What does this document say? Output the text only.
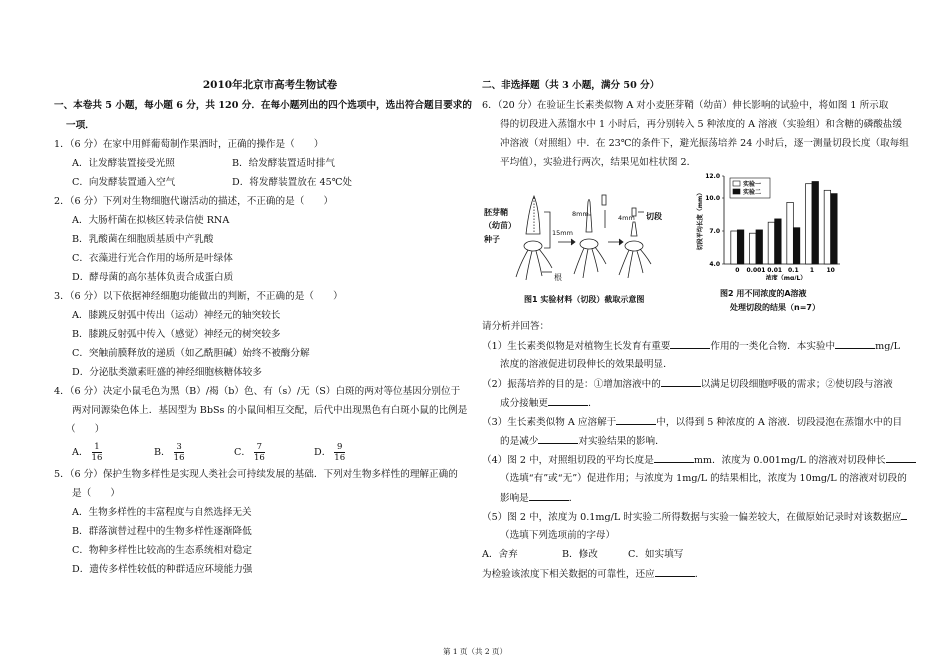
2010年北京市高考生物试卷
一、本卷共 5 小题，每小题 6 分，共 120 分．在每小题列出的四个选项中，选出符合题目要求的
一项．
1．（6 分）在家中用鲜葡萄制作果酒时，正确的操作是（　　）
A．让发酵装置接受光照	B．给发酵装置适时排气
C．向发酵装置通入空气	D．将发酵装置放在 45℃处
2．（6 分）下列对生物细胞代谢活动的描述，不正确的是（　　）
A．大肠杆菌在拟核区转录信使 RNA
B．乳酸菌在细胞质基质中产乳酸
C．衣藻进行光合作用的场所是叶绿体
D．酵母菌的高尔基体负责合成蛋白质
3．（6 分）以下依据神经细胞功能做出的判断，不正确的是（　　）
A．膝跳反射弧中传出（运动）神经元的轴突较长
B．膝跳反射弧中传入（感觉）神经元的树突较多
C．突触前膜释放的递质（如乙酰胆碱）始终不被酶分解
D．分泌肽类激素旺盛的神经细胞核糖体较多
4．（6 分）决定小鼠毛色为黑（B）/褐（b）色、有（s）/无（S）白斑的两对等位基因分别位于
两对同源染色体上．基因型为 BbSs 的小鼠间相互交配，后代中出现黑色有白斑小鼠的比例是
（　　）
A． $\frac{1}{16}$	B． $\frac{3}{16}$	C． $\frac{7}{16}$	D． $\frac{9}{16}$
5．（6 分）保护生物多样性是实现人类社会可持续发展的基础．下列对生物多样性的理解正确的
是（　　）
A．生物多样性的丰富程度与自然选择无关
B．群落演替过程中的生物多样性逐渐降低
C．物种多样性比较高的生态系统相对稳定
D．遗传多样性较低的种群适应环境能力强
二、非选择题（共 3 小题，满分 50 分）
6．（20 分）在验证生长素类似物 A 对小麦胚芽鞘（幼苗）伸长影响的试验中，将如图 1 所示取
得的切段进入蒸馏水中 1 小时后，再分别转入 5 种浓度的 A 溶液（实验组）和含糖的磷酸盐缓
冲溶液（对照组）中．在 23℃的条件下，避光振荡培养 24 小时后，逐一测量切段长度（取每组
平均值），实验进行两次，结果见如柱状图 2．
胚芽鞘
（幼苗）
种子
根
15mm
8mm	4mm 切段
图1 实验材料（切段）截取示意图
4.0
7.0
10.0
12.0
切段平均长度（mm）
0 0.001 0.01 0.1 1 10
浓度（mg/L）
实验一
实验二
图2 用不同浓度的A溶液
处理切段的结果（n=7）
请分析并回答：
（1）生长素类似物是对植物生长发育有重要	作用的一类化合物．本实验中	mg/L
浓度的溶液促进切段伸长的效果最明显．
（2）振荡培养的目的是：①增加溶液中的	以满足切段细胞呼吸的需求；②使切段与溶液
成分接触更	．
（3）生长素类似物 A 应溶解于	中，以得到 5 种浓度的 A 溶液．切段浸泡在蒸馏水中的目
的是减少	对实验结果的影响．
（4）图 2 中，对照组切段的平均长度是	mm．浓度为 0.001mg/L 的溶液对切段伸长
（选填“有”或“无”）促进作用；与浓度为 1mg/L 的结果相比，浓度为 10mg/L 的溶液对切段的
影响是	．
（5）图 2 中，浓度为 0.1mg/L 时实验二所得数据与实验一偏差较大，在做原始记录时对该数据应
（选填下列选项前的字母）
A．舍弃	B．修改	C．如实填写
为检验该浓度下相关数据的可靠性，还应	．
第 1 页（共 2 页）
